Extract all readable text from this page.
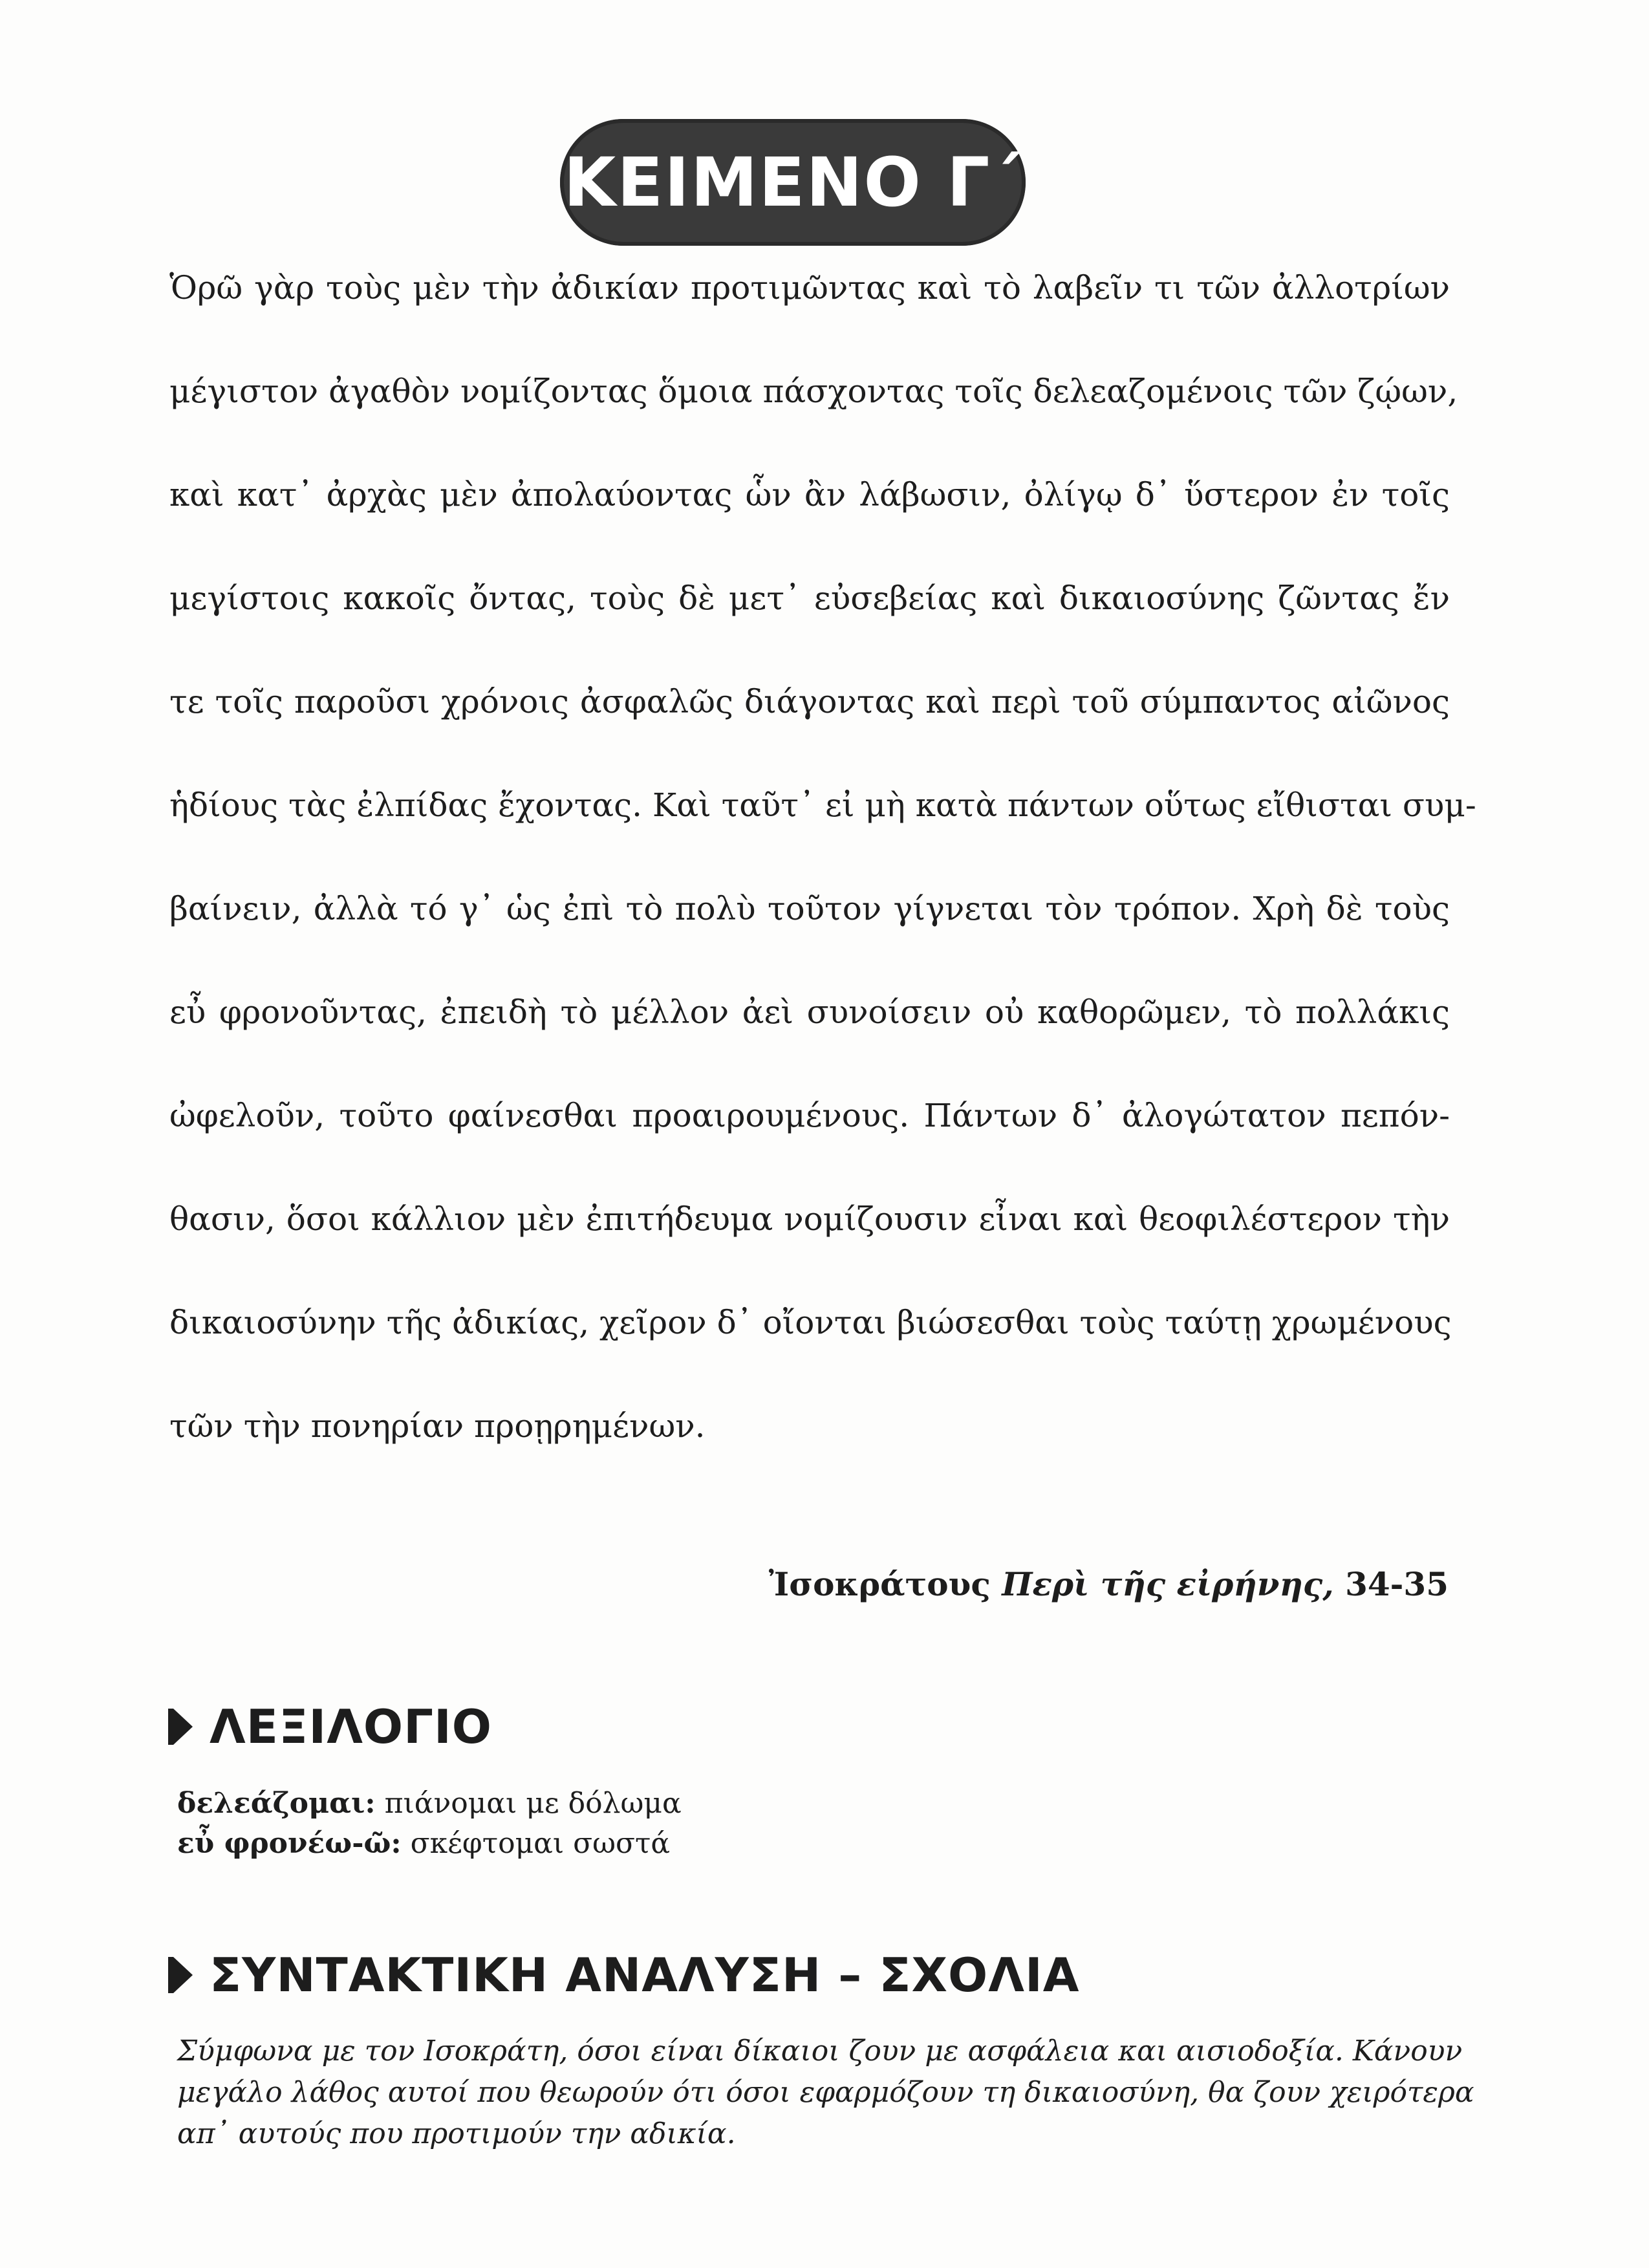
ΚΕΙΜΕΝΟ Γ΄
Ὁρῶ γὰρ τοὺς μὲν τὴν ἀδικίαν προτιμῶντας καὶ τὸ λαβεῖν τι τῶν ἀλλοτρίων
μέγιστον ἀγαθὸν νομίζοντας ὅμοια πάσχοντας τοῖς δελεαζομένοις τῶν ζῴων,
καὶ κατ᾽ ἀρχὰς μὲν ἀπολαύοντας ὧν ἂν λάβωσιν, ὀλίγῳ δ᾽ ὕστερον ἐν τοῖς
μεγίστοις κακοῖς ὄντας, τοὺς δὲ μετ᾽ εὐσεβείας καὶ δικαιοσύνης ζῶντας ἔν
τε τοῖς παροῦσι χρόνοις ἀσφαλῶς διάγοντας καὶ περὶ τοῦ σύμπαντος αἰῶνος
ἡδίους τὰς ἐλπίδας ἔχοντας. Καὶ ταῦτ᾽ εἰ μὴ κατὰ πάντων οὕτως εἴθισται συμ-
βαίνειν, ἀλλὰ τό γ᾽ ὡς ἐπὶ τὸ πολὺ τοῦτον γίγνεται τὸν τρόπον. Χρὴ δὲ τοὺς
εὖ φρονοῦντας, ἐπειδὴ τὸ μέλλον ἀεὶ συνοίσειν οὐ καθορῶμεν, τὸ πολλάκις
ὠφελοῦν, τοῦτο φαίνεσθαι προαιρουμένους. Πάντων δ᾽ ἀλογώτατον πεπόν-
θασιν, ὅσοι κάλλιον μὲν ἐπιτήδευμα νομίζουσιν εἶναι καὶ θεοφιλέστερον τὴν
δικαιοσύνην τῆς ἀδικίας, χεῖρον δ᾽ οἴονται βιώσεσθαι τοὺς ταύτῃ χρωμένους
τῶν τὴν πονηρίαν προῃρημένων.
Ἰσοκράτους Περὶ τῆς εἰρήνης, 34-35
ΛΕΞΙΛΟΓΙΟ
δελεάζομαι: πιάνομαι με δόλωμα
εὖ φρονέω-ῶ: σκέφτομαι σωστά
ΣΥΝΤΑΚΤΙΚΗ ΑΝΑΛΥΣΗ – ΣΧΟΛΙΑ
Σύμφωνα με τον Ισοκράτη, όσοι είναι δίκαιοι ζουν με ασφάλεια και αισιοδοξία. Κάνουν
μεγάλο λάθος αυτοί που θεωρούν ότι όσοι εφαρμόζουν τη δικαιοσύνη, θα ζουν χειρότερα
απ᾽ αυτούς που προτιμούν την αδικία.
